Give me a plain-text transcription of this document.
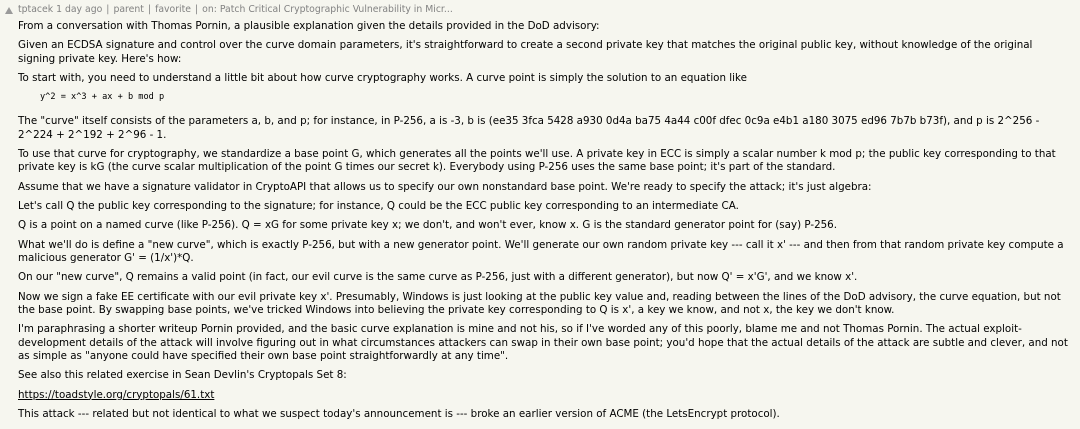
tptacek
1 day ago | parent | favorite | on:
Patch Critical Cryptographic Vulnerability in Micr...

From a conversation with Thomas Pornin, a plausible explanation given the details provided in the DoD advisory:

Given an ECDSA signature and control over the curve domain parameters, it's straightforward to create a second private key that matches the original public key, without knowledge of the original signing private key. Here's how:

To start with, you need to understand a little bit about how curve cryptography works. A curve point is simply the solution to an equation like

y^2 = x^3 + ax + b mod p

The "curve" itself consists of the parameters a, b, and p; for instance, in P-256, a is -3, b is (ee35 3fca 5428 a930 0d4a ba75 4a44 c00f dfec 0c9a e4b1 a180 3075 ed96 7b7b b73f), and p is 2^256 - 2^224 + 2^192 + 2^96 - 1.

To use that curve for cryptography, we standardize a base point G, which generates all the points we'll use. A private key in ECC is simply a scalar number k mod p; the public key corresponding to that private key is kG (the curve scalar multiplication of the point G times our secret k). Everybody using P-256 uses the same base point; it's part of the standard.

Assume that we have a signature validator in CryptoAPI that allows us to specify our own nonstandard base point. We're ready to specify the attack; it's just algebra:

Let's call Q the public key corresponding to the signature; for instance, Q could be the ECC public key corresponding to an intermediate CA.

Q is a point on a named curve (like P-256). Q = xG for some private key x; we don't, and won't ever, know x. G is the standard generator point for (say) P-256.

What we'll do is define a "new curve", which is exactly P-256, but with a new generator point. We'll generate our own random private key --- call it x' --- and then from that random private key compute a malicious generator G' = (1/x')*Q.

On our "new curve", Q remains a valid point (in fact, our evil curve is the same curve as P-256, just with a different generator), but now Q' = x'G', and we know x'.

Now we sign a fake EE certificate with our evil private key x'. Presumably, Windows is just looking at the public key value and, reading between the lines of the DoD advisory, the curve equation, but not the base point. By swapping base points, we've tricked Windows into believing the private key corresponding to Q is x', a key we know, and not x, the key we don't know.

I'm paraphrasing a shorter writeup Pornin provided, and the basic curve explanation is mine and not his, so if I've worded any of this poorly, blame me and not Thomas Pornin. The actual exploit-development details of the attack will involve figuring out in what circumstances attackers can swap in their own base point; you'd hope that the actual details of the attack are subtle and clever, and not as simple as "anyone could have specified their own base point straightforwardly at any time".

See also this related exercise in Sean Devlin's Cryptopals Set 8:

https://toadstyle.org/cryptopals/61.txt

This attack --- related but not identical to what we suspect today's announcement is --- broke an earlier version of ACME (the LetsEncrypt protocol).
